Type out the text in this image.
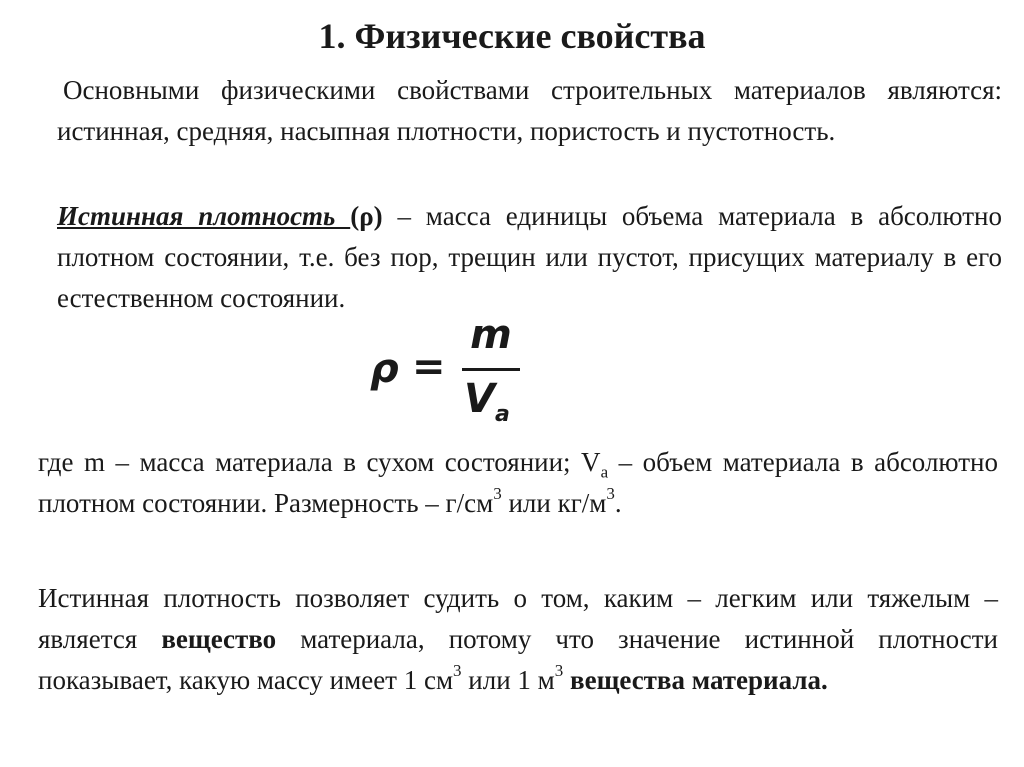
1. Физические свойства
Основными физическими свойствами строительных материалов являются: истинная, средняя, насыпная плотности, пористость и пустотность.
Истинная плотность (ρ) – масса единицы объема материала в абсолютно плотном состоянии, т.е. без пор, трещин или пустот, присущих материалу в его естественном состоянии.
ρ =
m
$V_a$
где m – масса материала в сухом состоянии; $V_а$ – объем материала в абсолютно плотном состоянии. Размерность – $г/см^3$ или $кг/м^3$.
Истинная плотность позволяет судить о том, каким – легким или тяжелым – является вещество материала, потому что значение истинной плотности показывает, какую массу имеет 1 $см^3$ или 1 $м^3$ вещества материала.
